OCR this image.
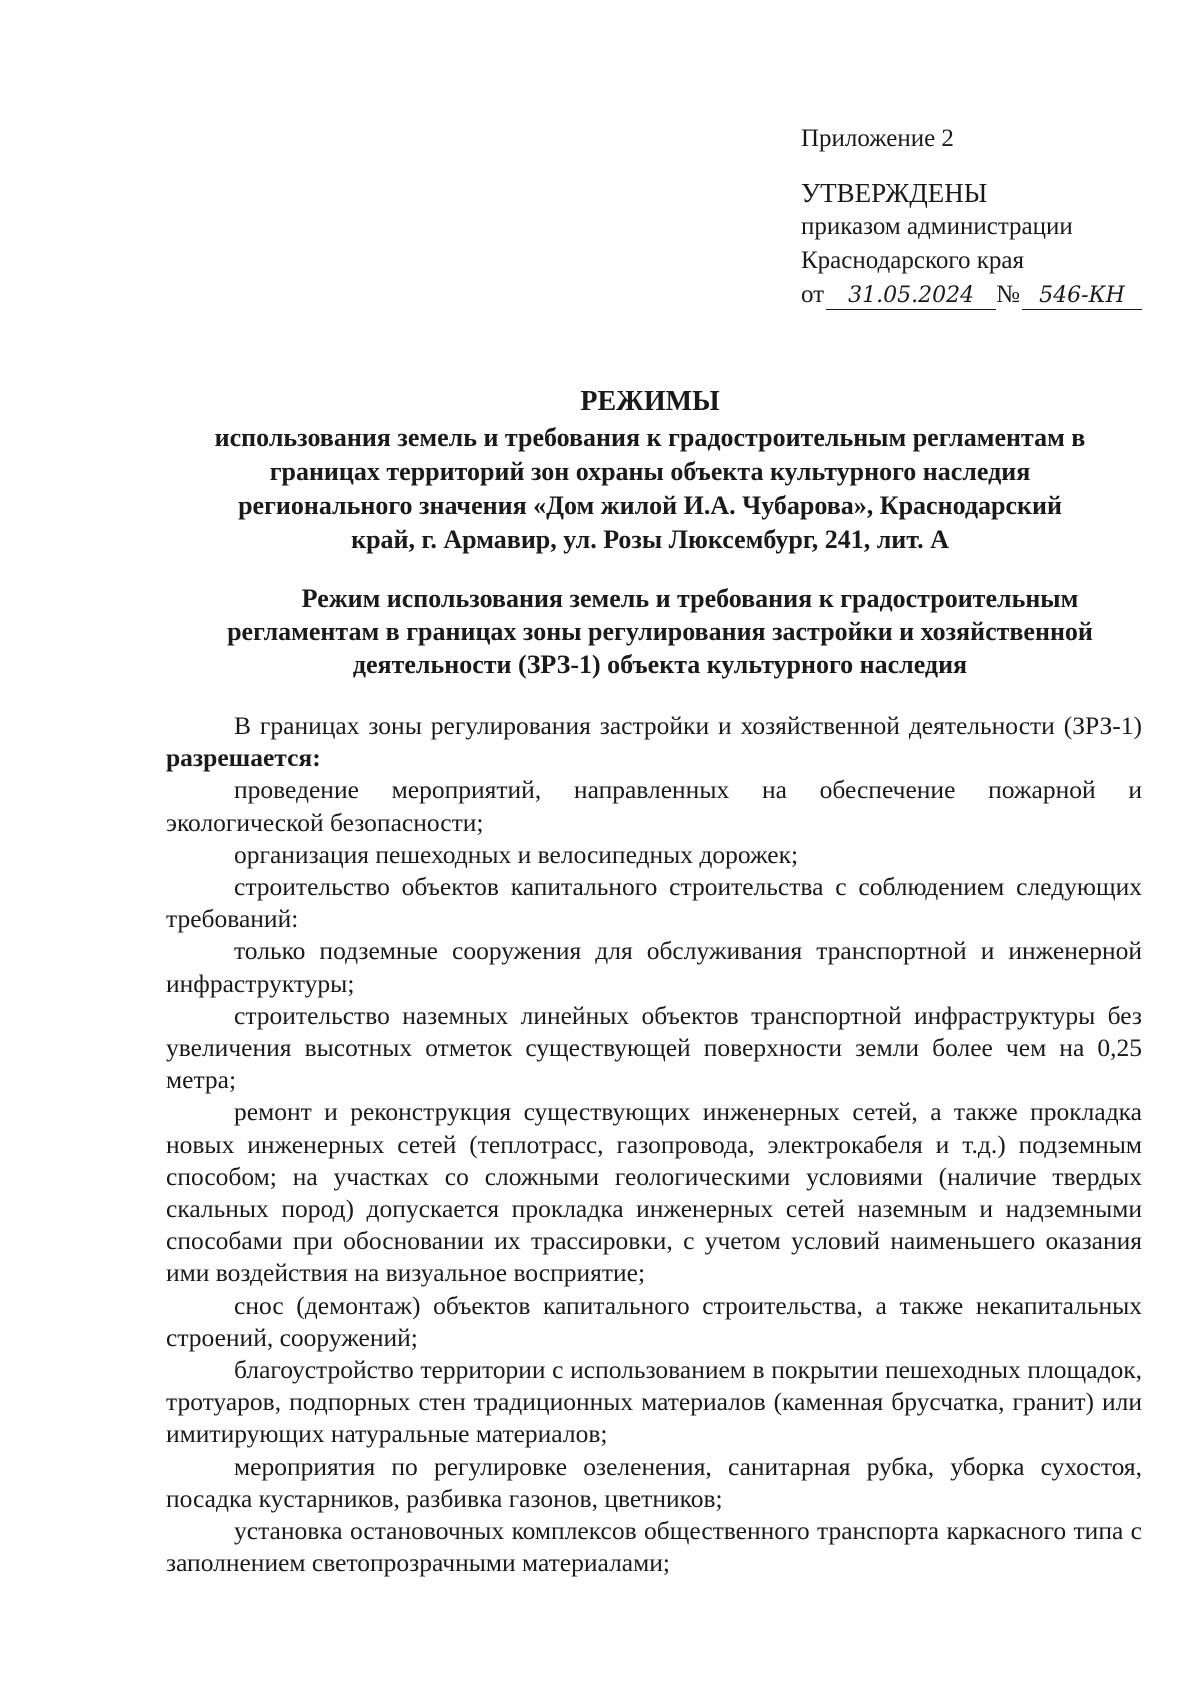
Приложение 2
УТВЕРЖДЕНЫ
приказом администрации
Краснодарского края
от 31.05.2024 № 546-КН
РЕЖИМЫ
использования земель и требования к градостроительным регламентам в
границах территорий зон охраны объекта культурного наследия
регионального значения «Дом жилой И.А. Чубарова», Краснодарский
край, г. Армавир, ул. Розы Люксембург, 241, лит. А
Режим использования земель и требования к градостроительным
регламентам в границах зоны регулирования застройки и хозяйственной
деятельности (ЗРЗ-1) объекта культурного наследия

В границах зоны регулирования застройки и хозяйственной деятельности (ЗРЗ-1) разрешается:

проведение мероприятий, направленных на обеспечение пожарной и экологической безопасности;

организация пешеходных и велосипедных дорожек;

строительство объектов капитального строительства с соблюдением следующих требований:

только подземные сооружения для обслуживания транспортной и инженерной инфраструктуры;

строительство наземных линейных объектов транспортной инфраструктуры без увеличения высотных отметок существующей поверхности земли более чем на 0,25 метра;

ремонт и реконструкция существующих инженерных сетей, а также прокладка новых инженерных сетей (теплотрасс, газопровода, электрокабеля и т.д.) подземным способом; на участках со сложными геологическими условиями (наличие твердых скальных пород) допускается прокладка инженерных сетей наземным и надземными способами при обосновании их трассировки, с учетом условий наименьшего оказания ими воздействия на визуальное восприятие;

снос (демонтаж) объектов капитального строительства, а также некапитальных строений, сооружений;

благоустройство территории с использованием в покрытии пешеходных площадок, тротуаров, подпорных стен традиционных материалов (каменная брусчатка, гранит) или имитирующих натуральные материалов;

мероприятия по регулировке озеленения, санитарная рубка, уборка сухостоя, посадка кустарников, разбивка газонов, цветников;

установка остановочных комплексов общественного транспорта каркасного типа с заполнением светопрозрачными материалами;
